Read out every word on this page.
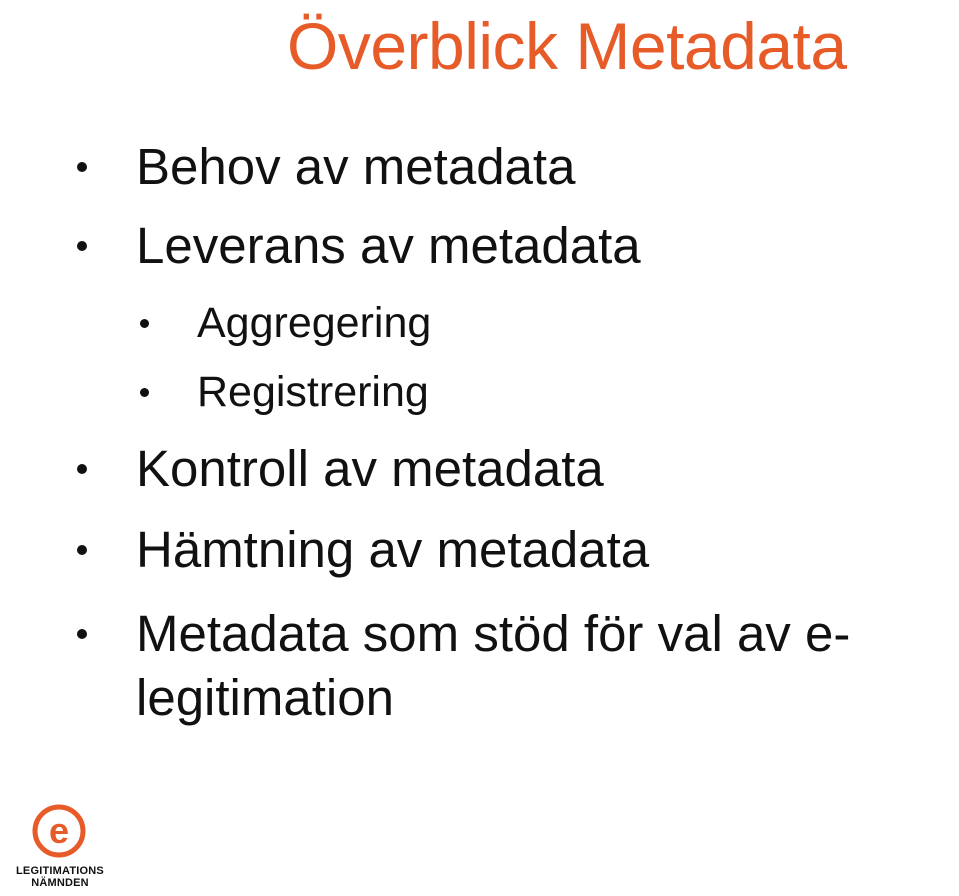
Överblick Metadata
Behov av metadata
Leverans av metadata
Aggregering
Registrering
Kontroll av metadata
Hämtning av metadata
Metadata som stöd för val av e-
legitimation
e
LEGITIMATIONS
NÄMNDEN
